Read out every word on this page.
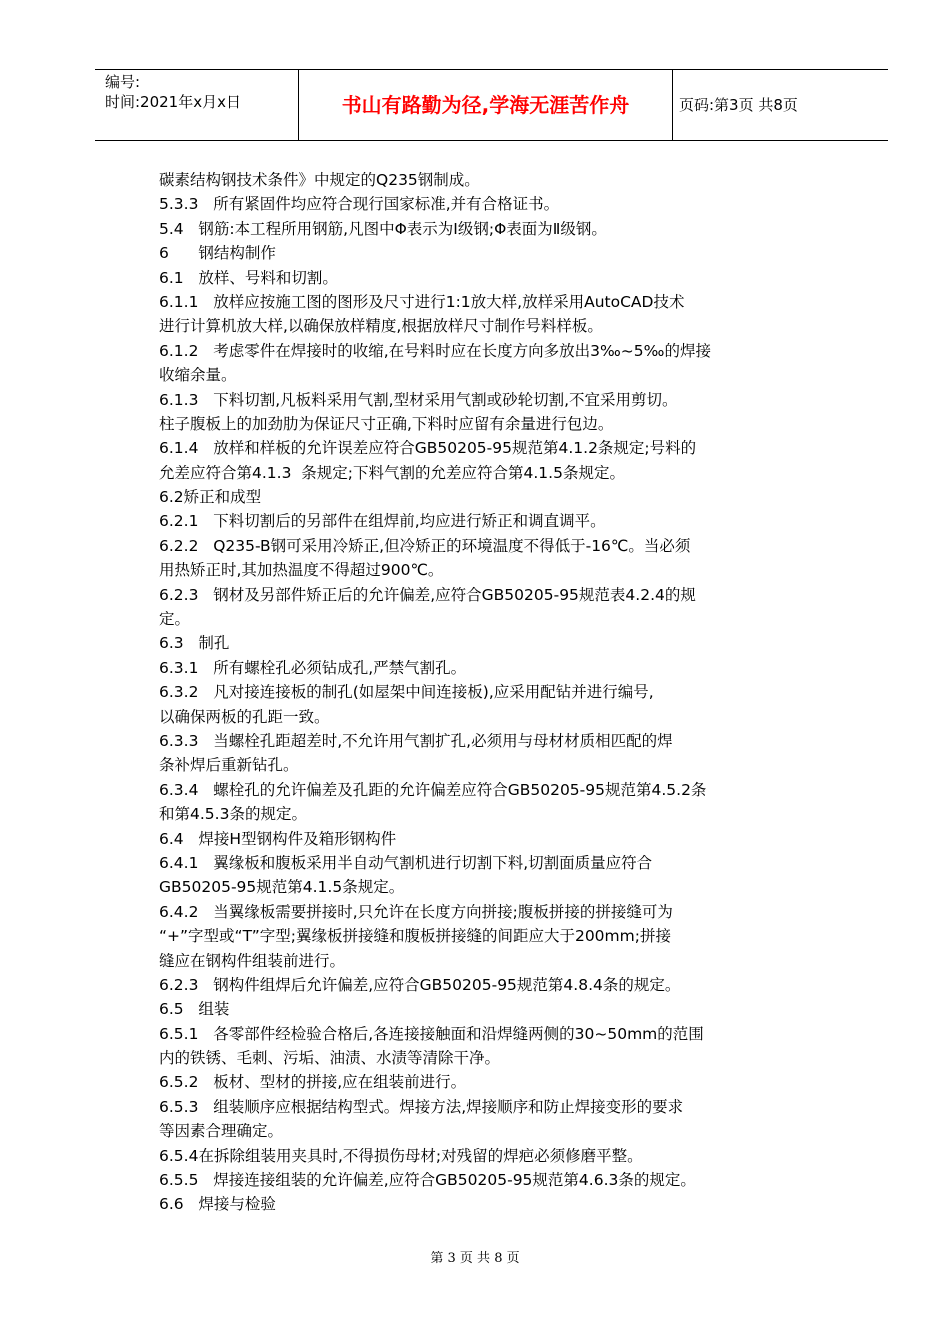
编号:
时间:2021年x月x日	书山有路勤为径,学海无涯苦作舟	页码:第3页 共8页
碳素结构钢技术条件》中规定的Q235钢制成。
5.3.3   所有紧固件均应符合现行国家标准,并有合格证书。
5.4   钢筋:本工程所用钢筋,凡图中Φ表示为Ⅰ级钢;Φ表面为Ⅱ级钢。
6      钢结构制作
6.1   放样、号料和切割。
6.1.1   放样应按施工图的图形及尺寸进行1:1放大样,放样采用AutoCAD技术
进行计算机放大样,以确保放样精度,根据放样尺寸制作号料样板。
6.1.2   考虑零件在焊接时的收缩,在号料时应在长度方向多放出3‰~5‰的焊接
收缩余量。
6.1.3   下料切割,凡板料采用气割,型材采用气割或砂轮切割,不宜采用剪切。
柱子腹板上的加劲肋为保证尺寸正确,下料时应留有余量进行包边。
6.1.4   放样和样板的允许误差应符合GB50205-95规范第4.1.2条规定;号料的
允差应符合第4.1.3  条规定;下料气割的允差应符合第4.1.5条规定。
6.2矫正和成型
6.2.1   下料切割后的另部件在组焊前,均应进行矫正和调直调平。
6.2.2   Q235-B钢可采用冷矫正,但冷矫正的环境温度不得低于-16℃。当必须
用热矫正时,其加热温度不得超过900℃。
6.2.3   钢材及另部件矫正后的允许偏差,应符合GB50205-95规范表4.2.4的规
定。
6.3   制孔
6.3.1   所有螺栓孔必须钻成孔,严禁气割孔。
6.3.2   凡对接连接板的制孔(如屋架中间连接板),应采用配钻并进行编号,
以确保两板的孔距一致。
6.3.3   当螺栓孔距超差时,不允许用气割扩孔,必须用与母材材质相匹配的焊
条补焊后重新钻孔。
6.3.4   螺栓孔的允许偏差及孔距的允许偏差应符合GB50205-95规范第4.5.2条
和第4.5.3条的规定。
6.4   焊接H型钢构件及箱形钢构件
6.4.1   翼缘板和腹板采用半自动气割机进行切割下料,切割面质量应符合
GB50205-95规范第4.1.5条规定。
6.4.2   当翼缘板需要拼接时,只允许在长度方向拼接;腹板拼接的拼接缝可为
“+”字型或“T”字型;翼缘板拼接缝和腹板拼接缝的间距应大于200mm;拼接
缝应在钢构件组装前进行。
6.2.3   钢构件组焊后允许偏差,应符合GB50205-95规范第4.8.4条的规定。
6.5   组装
6.5.1   各零部件经检验合格后,各连接接触面和沿焊缝两侧的30~50mm的范围
内的铁锈、毛刺、污垢、油渍、水渍等清除干净。
6.5.2   板材、型材的拼接,应在组装前进行。
6.5.3   组装顺序应根据结构型式。焊接方法,焊接顺序和防止焊接变形的要求
等因素合理确定。
6.5.4在拆除组装用夹具时,不得损伤母材;对残留的焊疤必须修磨平整。
6.5.5   焊接连接组装的允许偏差,应符合GB50205-95规范第4.6.3条的规定。
6.6   焊接与检验
第 3 页 共 8 页
